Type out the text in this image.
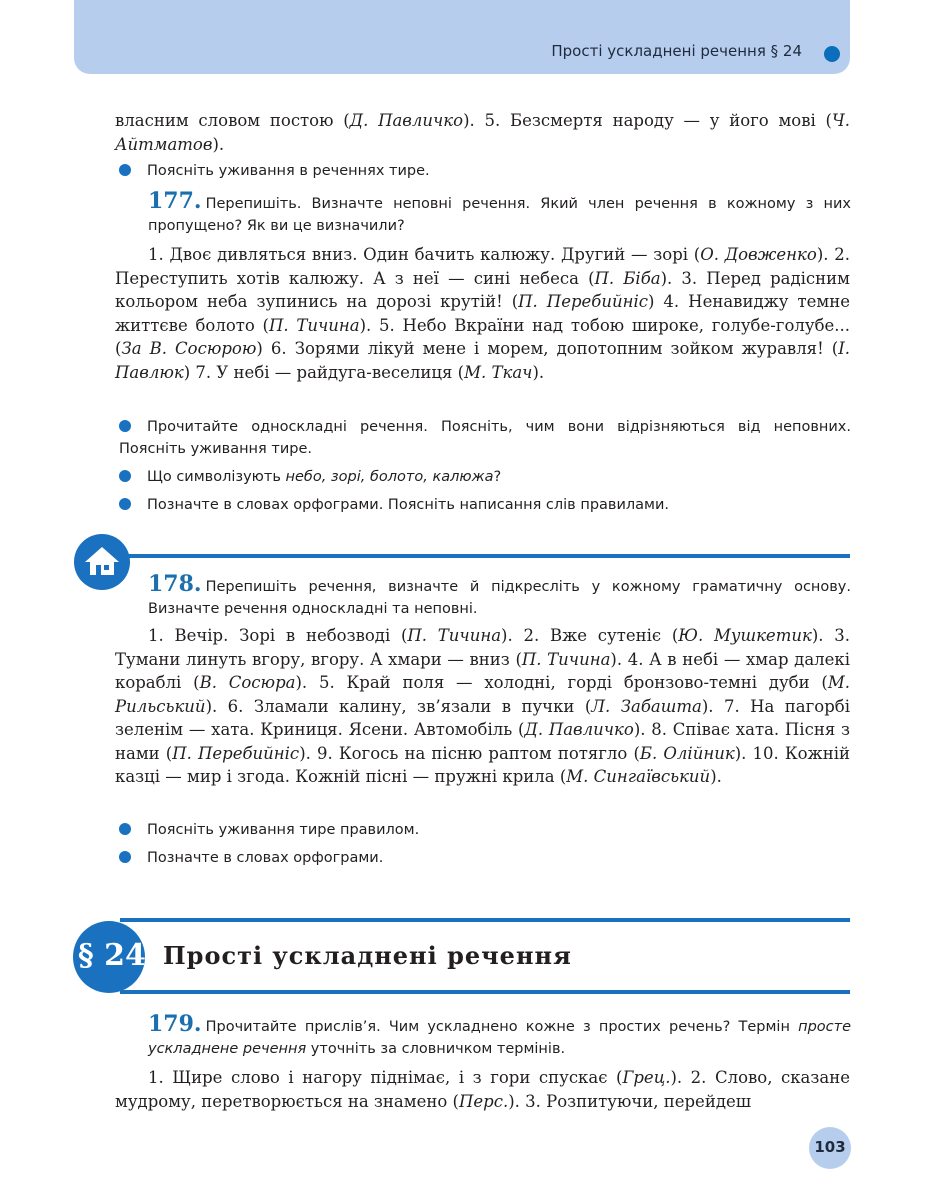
Прості ускладнені речення § 24

власним словом постою (Д. Павличко). 5. Безсмертя народу — у його мові (Ч. Айтматов).

Поясніть уживання в реченнях тире.

177. Перепишіть. Визначте неповні речення. Який член речення в кожному з них пропущено? Як ви це визначили?

1. Двоє дивляться вниз. Один бачить калюжу. Другий — зорі (О. Довженко). 2. Переступить хотів калюжу. А з неї — сині небеса (П. Біба). 3. Перед радісним кольором неба зупинись на дорозі крутій! (П. Перебийніс) 4. Ненавиджу темне життєве болото (П. Тичина). 5. Небо Вкраїни над тобою широке, голубе-голубе... (За В. Сосюрою) 6. Зорями лікуй мене і морем, допотопним зойком журавля! (І. Павлюк) 7. У небі — райдуга-веселиця (М. Ткач).

Прочитайте односкладні речення. Поясніть, чим вони відрізняються від неповних. Поясніть уживання тире.

Що символізують небо, зорі, болото, калюжа?

Позначте в словах орфограми. Поясніть написання слів правилами.

178. Перепишіть речення, визначте й підкресліть у кожному граматичну основу. Визначте речення односкладні та неповні.

1. Вечір. Зорі в небозводі (П. Тичина). 2. Вже сутеніє (Ю. Мушкетик). 3. Тумани линуть вгору, вгору. А хмари — вниз (П. Тичина). 4. А в небі — хмар далекі кораблі (В. Сосюра). 5. Край поля — холодні, горді бронзово-темні дуби (М. Рильський). 6. Зламали калину, зв’язали в пучки (Л. Забашта). 7. На пагорбі зеленім — хата. Криниця. Ясени. Автомобіль (Д. Павличко). 8. Співає хата. Пісня з нами (П. Перебийніс). 9. Когось на пісню раптом потягло (Б. Олійник). 10. Кожній казці — мир і згода. Кожній пісні — пружні крила (М. Сингаївський).

Поясніть уживання тире правилом.

Позначте в словах орфограми.

§ 24 Прості ускладнені речення

179. Прочитайте прислів’я. Чим ускладнено кожне з простих речень? Термін просте ускладнене речення уточніть за словничком термінів.

1. Щире слово і нагору піднімає, і з гори спускає (Грец.). 2. Слово, сказане мудрому, перетворюється на знамено (Перс.). 3. Розпитуючи, перейдеш

103
